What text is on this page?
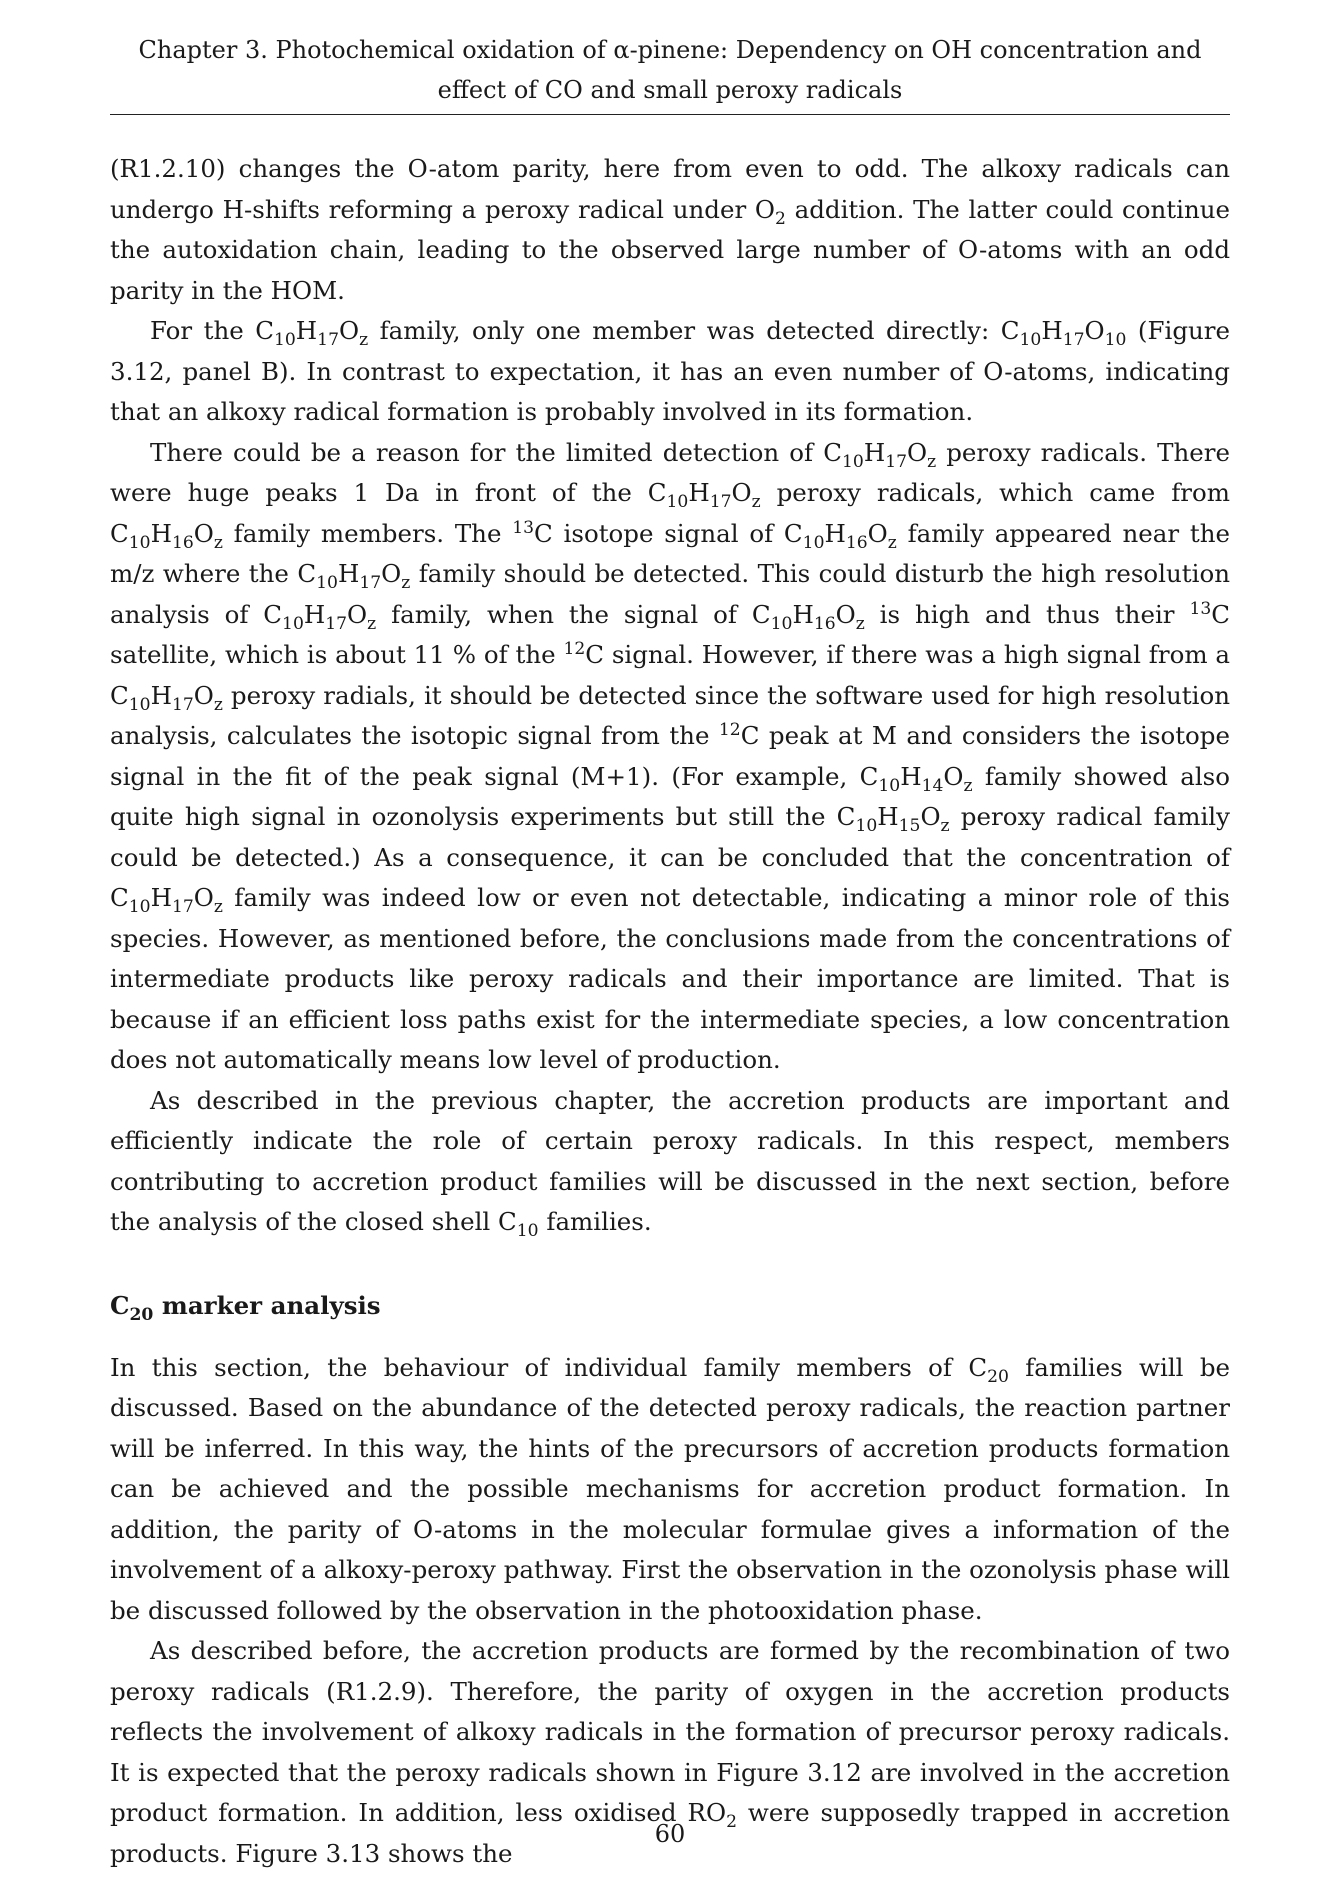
Chapter 3. Photochemical oxidation of α-pinene: Dependency on OH concentration and
effect of CO and small peroxy radicals

(R1.2.10) changes the O-atom parity, here from even to odd. The alkoxy radicals can undergo H-shifts reforming a peroxy radical under $O_2$ addition. The latter could continue the autoxidation chain, leading to the observed large number of O-atoms with an odd parity in the HOM.

For the $C_{10}H_{17}O_z$ family, only one member was detected directly: $C_{10}H_{17}O_{10}$ (Figure 3.12, panel B). In contrast to expectation, it has an even number of O-atoms, indicating that an alkoxy radical formation is probably involved in its formation.

There could be a reason for the limited detection of $C_{10}H_{17}O_z$ peroxy radicals. There were huge peaks 1 Da in front of the $C_{10}H_{17}O_z$ peroxy radicals, which came from $C_{10}H_{16}O_z$ family members. The $^{13}$C isotope signal of $C_{10}H_{16}O_z$ family appeared near the m/z where the $C_{10}H_{17}O_z$ family should be detected. This could disturb the high resolution analysis of $C_{10}H_{17}O_z$ family, when the signal of $C_{10}H_{16}O_z$ is high and thus their $^{13}$C satellite, which is about 11 % of the $^{12}$C signal. However, if there was a high signal from a $C_{10}H_{17}O_z$ peroxy radials, it should be detected since the software used for high resolution analysis, calculates the isotopic signal from the $^{12}$C peak at M and considers the isotope signal in the fit of the peak signal (M+1). (For example, $C_{10}H_{14}O_z$ family showed also quite high signal in ozonolysis experiments but still the $C_{10}H_{15}O_z$ peroxy radical family could be detected.) As a consequence, it can be concluded that the concentration of $C_{10}H_{17}O_z$ family was indeed low or even not detectable, indicating a minor role of this species. However, as mentioned before, the conclusions made from the concentrations of intermediate products like peroxy radicals and their importance are limited. That is because if an efficient loss paths exist for the intermediate species, a low concentration does not automatically means low level of production.

As described in the previous chapter, the accretion products are important and efficiently indicate the role of certain peroxy radicals. In this respect, members contributing to accretion product families will be discussed in the next section, before the analysis of the closed shell $C_{10}$ families.

$C_{20}$ marker analysis

In this section, the behaviour of individual family members of $C_{20}$ families will be discussed. Based on the abundance of the detected peroxy radicals, the reaction partner will be inferred. In this way, the hints of the precursors of accretion products formation can be achieved and the possible mechanisms for accretion product formation. In addition, the parity of O-atoms in the molecular formulae gives a information of the involvement of a alkoxy-peroxy pathway. First the observation in the ozonolysis phase will be discussed followed by the observation in the photooxidation phase.

As described before, the accretion products are formed by the recombination of two peroxy radicals (R1.2.9). Therefore, the parity of oxygen in the accretion products reflects the involvement of alkoxy radicals in the formation of precursor peroxy radicals. It is expected that the peroxy radicals shown in Figure 3.12 are involved in the accretion product formation. In addition, less oxidised $RO_2$ were supposedly trapped in accretion products. Figure 3.13 shows the

60
